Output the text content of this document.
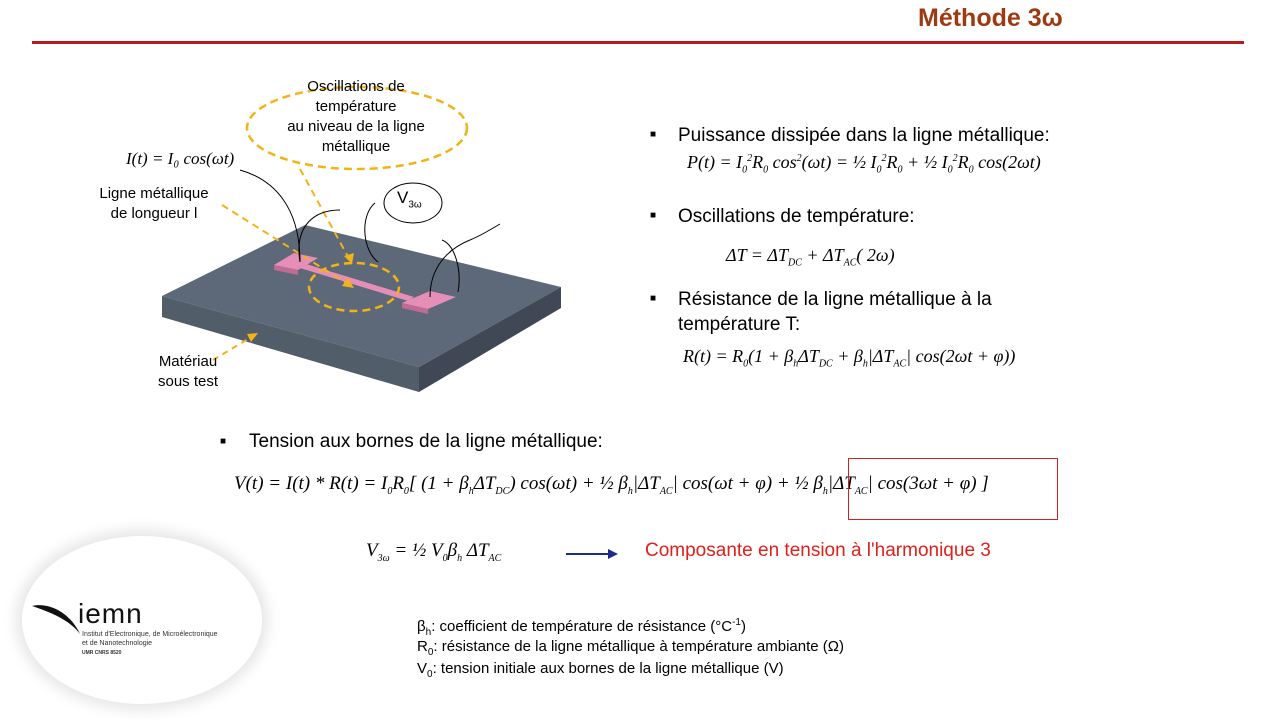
Méthode 3ω
iemn
Institut d'Electronique, de Microélectronique
et de Nanotechnologie
UMR CNRS 8520
Oscillations de
température
au niveau de la ligne
métallique
I(t) = I₀ cos(ωt)
Ligne métallique
de longueur l
Matériau
sous test
$V_{3\omega}$
■ Puissance dissipée dans la ligne métallique:
$P(t) = I_0^2R_0$ $\cos^2(\omega t)$ = ½ $I_0^2R_0$ + ½ $I_0^2R_0$ cos(2ωt)
■ Oscillations de température:
$\Delta T = \Delta T_{DC} + \Delta T_{AC}$( 2ω)
■ Résistance de la ligne métallique à la
température T:
$R(t) = R_0(1 + \beta_h\Delta T_{DC} + \beta_h|\Delta T_{AC}|$ cos(2ωt + φ))
■ Tension aux bornes de la ligne métallique:
$V(t) = I(t) * R(t) = I_0R_0$[ $(1 + \beta_h\Delta T_{DC})$ cos(ωt) + ½ $\beta_h|\Delta T_{AC}|$ cos(ωt + φ) + ½ $\beta_h|\Delta T_{AC}|$ cos(3ωt + φ) ]
$V_{3\omega}$ = ½ $V_0\beta_h$ $\Delta T_{AC}$	Composante en tension à l'harmonique 3
$\beta_h$: coefficient de température de résistance $(^\circ C^{-1})$
$R_0$: résistance de la ligne métallique à température ambiante (Ω)
$V_0$: tension initiale aux bornes de la ligne métallique (V)
